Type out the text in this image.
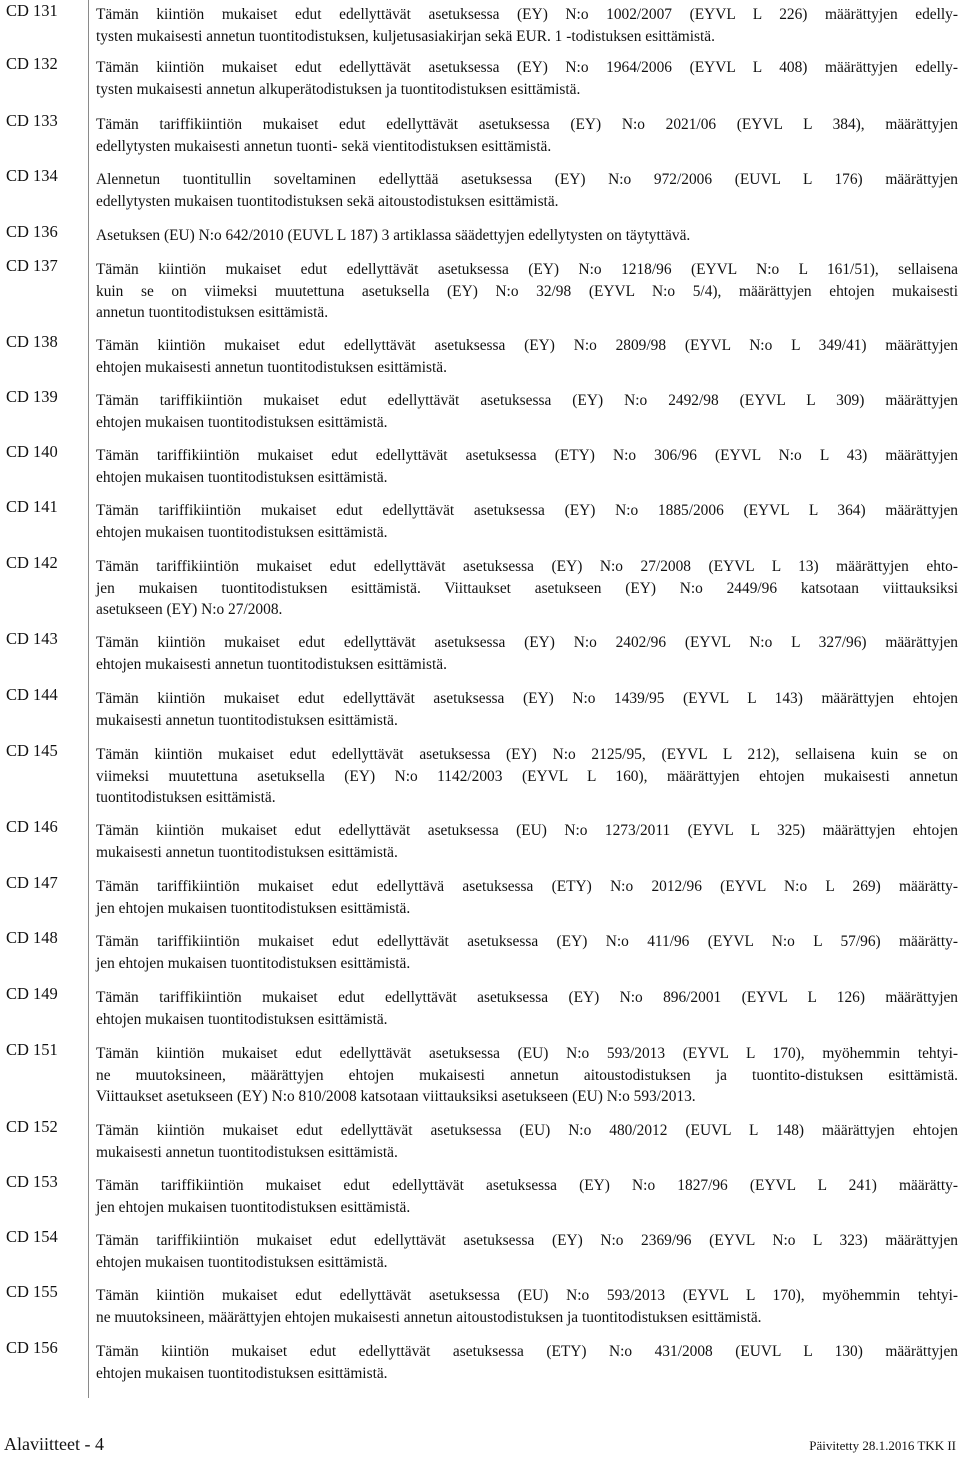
CD 131 Tämän kiintiön mukaiset edut edellyttävät asetuksessa (EY) N:o 1002/2007 (EYVL L 226) määrättyjen edelly-
tysten mukaisesti annetun tuontitodistuksen, kuljetusasiakirjan sekä EUR. 1 -todistuksen esittämistä.
CD 132 Tämän kiintiön mukaiset edut edellyttävät asetuksessa (EY) N:o 1964/2006 (EYVL L 408) määrättyjen edelly-
tysten mukaisesti annetun alkuperätodistuksen ja tuontitodistuksen esittämistä.
CD 133 Tämän tariffikiintiön mukaiset edut edellyttävät asetuksessa (EY) N:o 2021/06 (EYVL L 384), määrättyjen
edellytysten mukaisesti annetun tuonti- sekä vientitodistuksen esittämistä.
CD 134 Alennetun tuontitullin soveltaminen edellyttää asetuksessa (EY) N:o 972/2006 (EUVL L 176) määrättyjen
edellytysten mukaisen tuontitodistuksen sekä aitoustodistuksen esittämistä.
CD 136 Asetuksen (EU) N:o 642/2010 (EUVL L 187) 3 artiklassa säädettyjen edellytysten on täytyttävä.
CD 137 Tämän kiintiön mukaiset edut edellyttävät asetuksessa (EY) N:o 1218/96 (EYVL N:o L 161/51), sellaisena
kuin se on viimeksi muutettuna asetuksella (EY) N:o 32/98 (EYVL N:o 5/4), määrättyjen ehtojen mukaisesti
annetun tuontitodistuksen esittämistä.
CD 138 Tämän kiintiön mukaiset edut edellyttävät asetuksessa (EY) N:o 2809/98 (EYVL N:o L 349/41) määrättyjen
ehtojen mukaisesti annetun tuontitodistuksen esittämistä.
CD 139 Tämän tariffikiintiön mukaiset edut edellyttävät asetuksessa (EY) N:o 2492/98 (EYVL L 309) määrättyjen
ehtojen mukaisen tuontitodistuksen esittämistä.
CD 140 Tämän tariffikiintiön mukaiset edut edellyttävät asetuksessa (ETY) N:o 306/96 (EYVL N:o L 43) määrättyjen
ehtojen mukaisen tuontitodistuksen esittämistä.
CD 141 Tämän tariffikiintiön mukaiset edut edellyttävät asetuksessa (EY) N:o 1885/2006 (EYVL L 364) määrättyjen
ehtojen mukaisen tuontitodistuksen esittämistä.
CD 142 Tämän tariffikiintiön mukaiset edut edellyttävät asetuksessa (EY) N:o 27/2008 (EYVL L 13) määrättyjen ehto-
jen mukaisen tuontitodistuksen esittämistä. Viittaukset asetukseen (EY) N:o 2449/96 katsotaan viittauksiksi
asetukseen (EY) N:o 27/2008.
CD 143 Tämän kiintiön mukaiset edut edellyttävät asetuksessa (EY) N:o 2402/96 (EYVL N:o L 327/96) määrättyjen
ehtojen mukaisesti annetun tuontitodistuksen esittämistä.
CD 144 Tämän kiintiön mukaiset edut edellyttävät asetuksessa (EY) N:o 1439/95 (EYVL L 143) määrättyjen ehtojen
mukaisesti annetun tuontitodistuksen esittämistä.
CD 145 Tämän kiintiön mukaiset edut edellyttävät asetuksessa (EY) N:o 2125/95, (EYVL L 212), sellaisena kuin se on
viimeksi muutettuna asetuksella (EY) N:o 1142/2003 (EYVL L 160), määrättyjen ehtojen mukaisesti annetun
tuontitodistuksen esittämistä.
CD 146 Tämän kiintiön mukaiset edut edellyttävät asetuksessa (EU) N:o 1273/2011 (EYVL L 325) määrättyjen ehtojen
mukaisesti annetun tuontitodistuksen esittämistä.
CD 147 Tämän tariffikiintiön mukaiset edut edellyttävä asetuksessa (ETY) N:o 2012/96 (EYVL N:o L 269) määrätty-
jen ehtojen mukaisen tuontitodistuksen esittämistä.
CD 148 Tämän tariffikiintiön mukaiset edut edellyttävät asetuksessa (EY) N:o 411/96 (EYVL N:o L 57/96) määrätty-
jen ehtojen mukaisen tuontitodistuksen esittämistä.
CD 149 Tämän tariffikiintiön mukaiset edut edellyttävät asetuksessa (EY) N:o 896/2001 (EYVL L 126) määrättyjen
ehtojen mukaisen tuontitodistuksen esittämistä.
CD 151 Tämän kiintiön mukaiset edut edellyttävät asetuksessa (EU) N:o 593/2013 (EYVL L 170), myöhemmin tehtyi-
ne muutoksineen, määrättyjen ehtojen mukaisesti annetun aitoustodistuksen ja tuontito-distuksen esittämistä.
Viittaukset asetukseen (EY) N:o 810/2008 katsotaan viittauksiksi asetukseen (EU) N:o 593/2013.
CD 152 Tämän kiintiön mukaiset edut edellyttävät asetuksessa (EU) N:o 480/2012 (EUVL L 148) määrättyjen ehtojen
mukaisesti annetun tuontitodistuksen esittämistä.
CD 153 Tämän tariffikiintiön mukaiset edut edellyttävät asetuksessa (EY) N:o 1827/96 (EYVL L 241) määrätty-
jen ehtojen mukaisen tuontitodistuksen esittämistä.
CD 154 Tämän tariffikiintiön mukaiset edut edellyttävät asetuksessa (EY) N:o 2369/96 (EYVL N:o L 323) määrättyjen
ehtojen mukaisen tuontitodistuksen esittämistä.
CD 155 Tämän kiintiön mukaiset edut edellyttävät asetuksessa (EU) N:o 593/2013 (EYVL L 170), myöhemmin tehtyi-
ne muutoksineen, määrättyjen ehtojen mukaisesti annetun aitoustodistuksen ja tuontitodistuksen esittämistä.
CD 156 Tämän kiintiön mukaiset edut edellyttävät asetuksessa (ETY) N:o 431/2008 (EUVL L 130) määrättyjen
ehtojen mukaisen tuontitodistuksen esittämistä.
Alaviitteet - 4	Päivitetty 28.1.2016 TKK II
